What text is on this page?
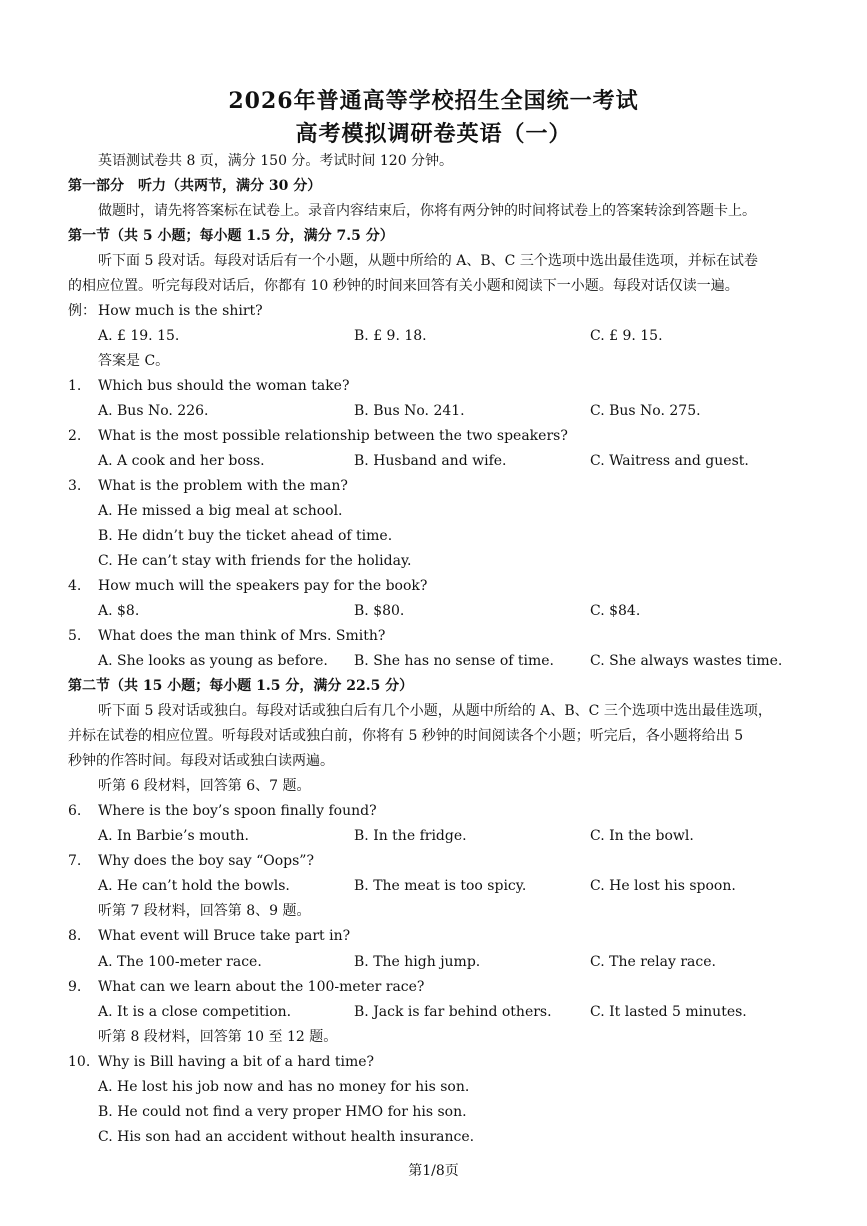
2026年普通高等学校招生全国统一考试
高考模拟调研卷英语（一）
英语测试卷共 8 页，满分 150 分。考试时间 120 分钟。
第一部分　听力（共两节，满分 30 分）
做题时，请先将答案标在试卷上。录音内容结束后，你将有两分钟的时间将试卷上的答案转涂到答题卡上。
第一节（共 5 小题；每小题 1.5 分，满分 7.5 分）
听下面 5 段对话。每段对话后有一个小题，从题中所给的 A、B、C 三个选项中选出最佳选项，并标在试卷
的相应位置。听完每段对话后，你都有 10 秒钟的时间来回答有关小题和阅读下一小题。每段对话仅读一遍。
例： How much is the shirt?
A. £ 19. 15.	B. £ 9. 18.	C. £ 9. 15.
答案是 C。
1. Which bus should the woman take?
A. Bus No. 226.	B. Bus No. 241.	C. Bus No. 275.
2. What is the most possible relationship between the two speakers?
A. A cook and her boss.	B. Husband and wife.	C. Waitress and guest.
3. What is the problem with the man?
A. He missed a big meal at school.
B. He didn’t buy the ticket ahead of time.
C. He can’t stay with friends for the holiday.
4. How much will the speakers pay for the book?
A. $8.	B. $80.	C. $84.
5. What does the man think of Mrs. Smith?
A. She looks as young as before. B. She has no sense of time.	C. She always wastes time.
第二节（共 15 小题；每小题 1.5 分，满分 22.5 分）
听下面 5 段对话或独白。每段对话或独白后有几个小题，从题中所给的 A、B、C 三个选项中选出最佳选项，
并标在试卷的相应位置。听每段对话或独白前，你将有 5 秒钟的时间阅读各个小题；听完后，各小题将给出 5
秒钟的作答时间。每段对话或独白读两遍。
听第 6 段材料，回答第 6、7 题。
6. Where is the boy’s spoon finally found?
A. In Barbie’s mouth.	B. In the fridge.	C. In the bowl.
7. Why does the boy say “Oops”?
A. He can’t hold the bowls.	B. The meat is too spicy.	C. He lost his spoon.
听第 7 段材料，回答第 8、9 题。
8. What event will Bruce take part in?
A. The 100-meter race.	B. The high jump.	C. The relay race.
9. What can we learn about the 100-meter race?
A. It is a close competition.	B. Jack is far behind others.	C. It lasted 5 minutes.
听第 8 段材料，回答第 10 至 12 题。
10. Why is Bill having a bit of a hard time?
A. He lost his job now and has no money for his son.
B. He could not find a very proper HMO for his son.
C. His son had an accident without health insurance.
第1/8页
